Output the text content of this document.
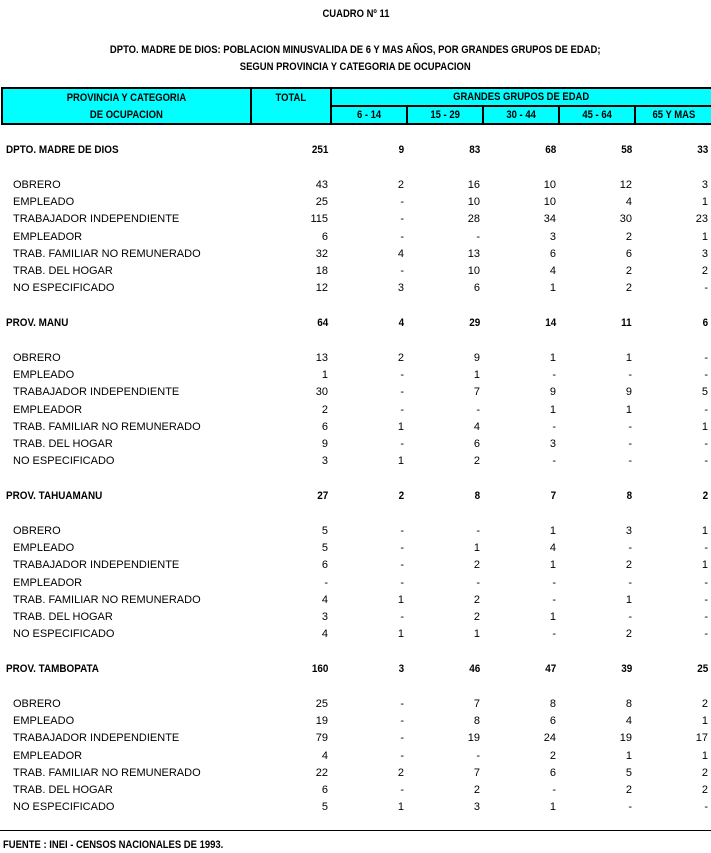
CUADRO Nº 11
DPTO. MADRE DE DIOS: POBLACION MINUSVALIDA DE 6 Y MAS AÑOS, POR GRANDES GRUPOS DE EDAD;
SEGUN PROVINCIA Y CATEGORIA DE OCUPACION
PROVINCIA Y CATEGORIA
DE OCUPACION
TOTAL	GRANDES GRUPOS DE EDAD
6 - 14	15 - 29	30 - 44	45 - 64	65 Y MAS
DPTO. MADRE DE DIOS	251	9	83	68	58	33
OBRERO	43	2	16	10	12	3
EMPLEADO	25	-	10	10	4	1
TRABAJADOR INDEPENDIENTE	115	-	28	34	30	23
EMPLEADOR	6	-	-	3	2	1
TRAB. FAMILIAR NO REMUNERADO	32	4	13	6	6	3
TRAB. DEL HOGAR	18	-	10	4	2	2
NO ESPECIFICADO	12	3	6	1	2	-
PROV. MANU	64	4	29	14	11	6
OBRERO	13	2	9	1	1	-
EMPLEADO	1	-	1	-	-	-
TRABAJADOR INDEPENDIENTE	30	-	7	9	9	5
EMPLEADOR	2	-	-	1	1	-
TRAB. FAMILIAR NO REMUNERADO	6	1	4	-	-	1
TRAB. DEL HOGAR	9	-	6	3	-	-
NO ESPECIFICADO	3	1	2	-	-	-
PROV. TAHUAMANU	27	2	8	7	8	2
OBRERO	5	-	-	1	3	1
EMPLEADO	5	-	1	4	-	-
TRABAJADOR INDEPENDIENTE	6	-	2	1	2	1
EMPLEADOR	-	-	-	-	-	-
TRAB. FAMILIAR NO REMUNERADO	4	1	2	-	1	-
TRAB. DEL HOGAR	3	-	2	1	-	-
NO ESPECIFICADO	4	1	1	-	2	-
PROV. TAMBOPATA	160	3	46	47	39	25
OBRERO	25	-	7	8	8	2
EMPLEADO	19	-	8	6	4	1
TRABAJADOR INDEPENDIENTE	79	-	19	24	19	17
EMPLEADOR	4	-	-	2	1	1
TRAB. FAMILIAR NO REMUNERADO	22	2	7	6	5	2
TRAB. DEL HOGAR	6	-	2	-	2	2
NO ESPECIFICADO	5	1	3	1	-	-
FUENTE : INEI - CENSOS NACIONALES DE 1993.
